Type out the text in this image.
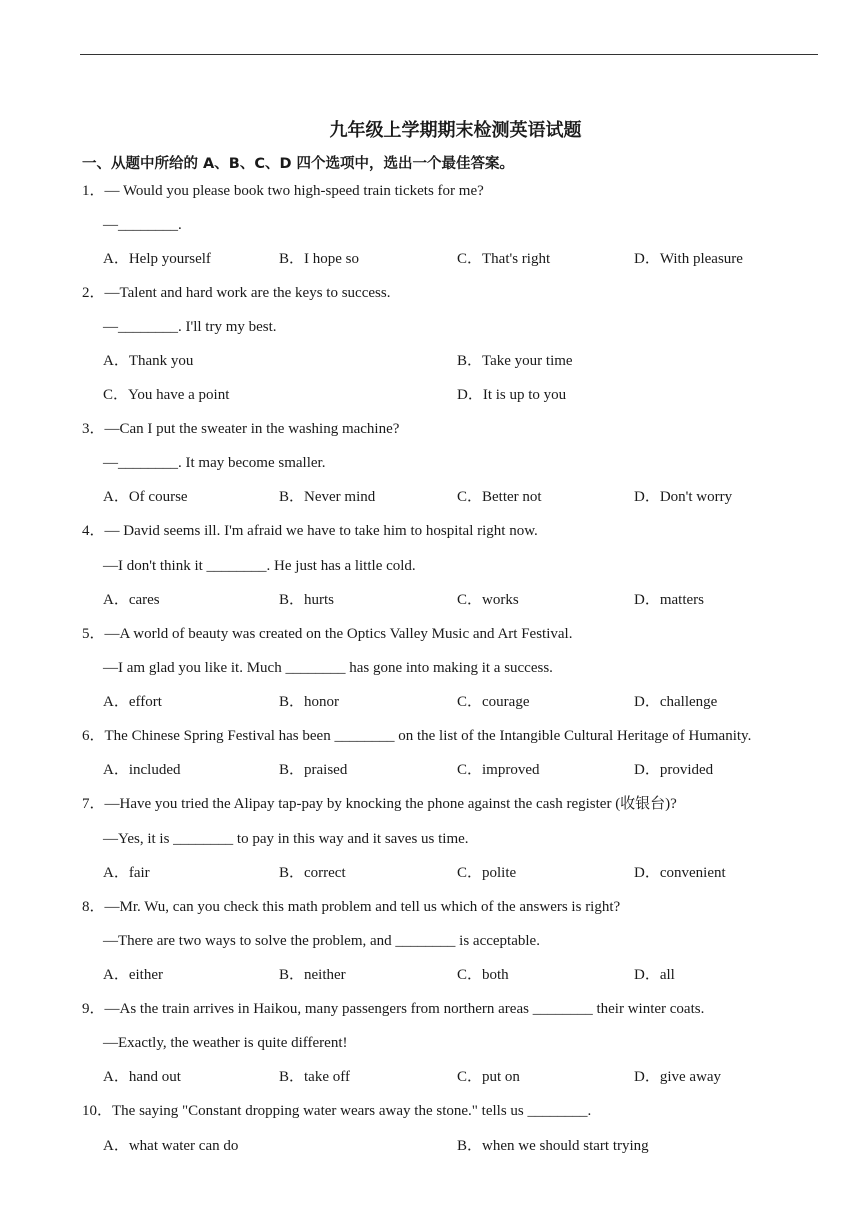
九年级上学期期末检测英语试题
一、从题中所给的 A、B、C、D 四个选项中，选出一个最佳答案。
1．— Would you please book two high-speed train tickets for me?
—________.
A．Help yourself	B．I hope so	C．That's right	D．With pleasure
2．—Talent and hard work are the keys to success.
—________. I'll try my best.
A．Thank you	B．Take your time
C．You have a point	D．It is up to you
3．—Can I put the sweater in the washing machine?
—________. It may become smaller.
A．Of course	B．Never mind	C．Better not	D．Don't worry
4．— David seems ill. I'm afraid we have to take him to hospital right now.
—I don't think it ________. He just has a little cold.
A．cares	B．hurts	C．works	D．matters
5．—A world of beauty was created on the Optics Valley Music and Art Festival.
—I am glad you like it. Much ________ has gone into making it a success.
A．effort	B．honor	C．courage	D．challenge
6．The Chinese Spring Festival has been ________ on the list of the Intangible Cultural Heritage of Humanity.
A．included	B．praised	C．improved	D．provided
7．—Have you tried the Alipay tap-pay by knocking the phone against the cash register (收银台)?
—Yes, it is ________ to pay in this way and it saves us time.
A．fair	B．correct	C．polite	D．convenient
8．—Mr. Wu, can you check this math problem and tell us which of the answers is right?
—There are two ways to solve the problem, and ________ is acceptable.
A．either	B．neither	C．both	D．all
9．—As the train arrives in Haikou, many passengers from northern areas ________ their winter coats.
—Exactly, the weather is quite different!
A．hand out	B．take off	C．put on	D．give away
10．The saying "Constant dropping water wears away the stone." tells us ________.
A．what water can do	B．when we should start trying
